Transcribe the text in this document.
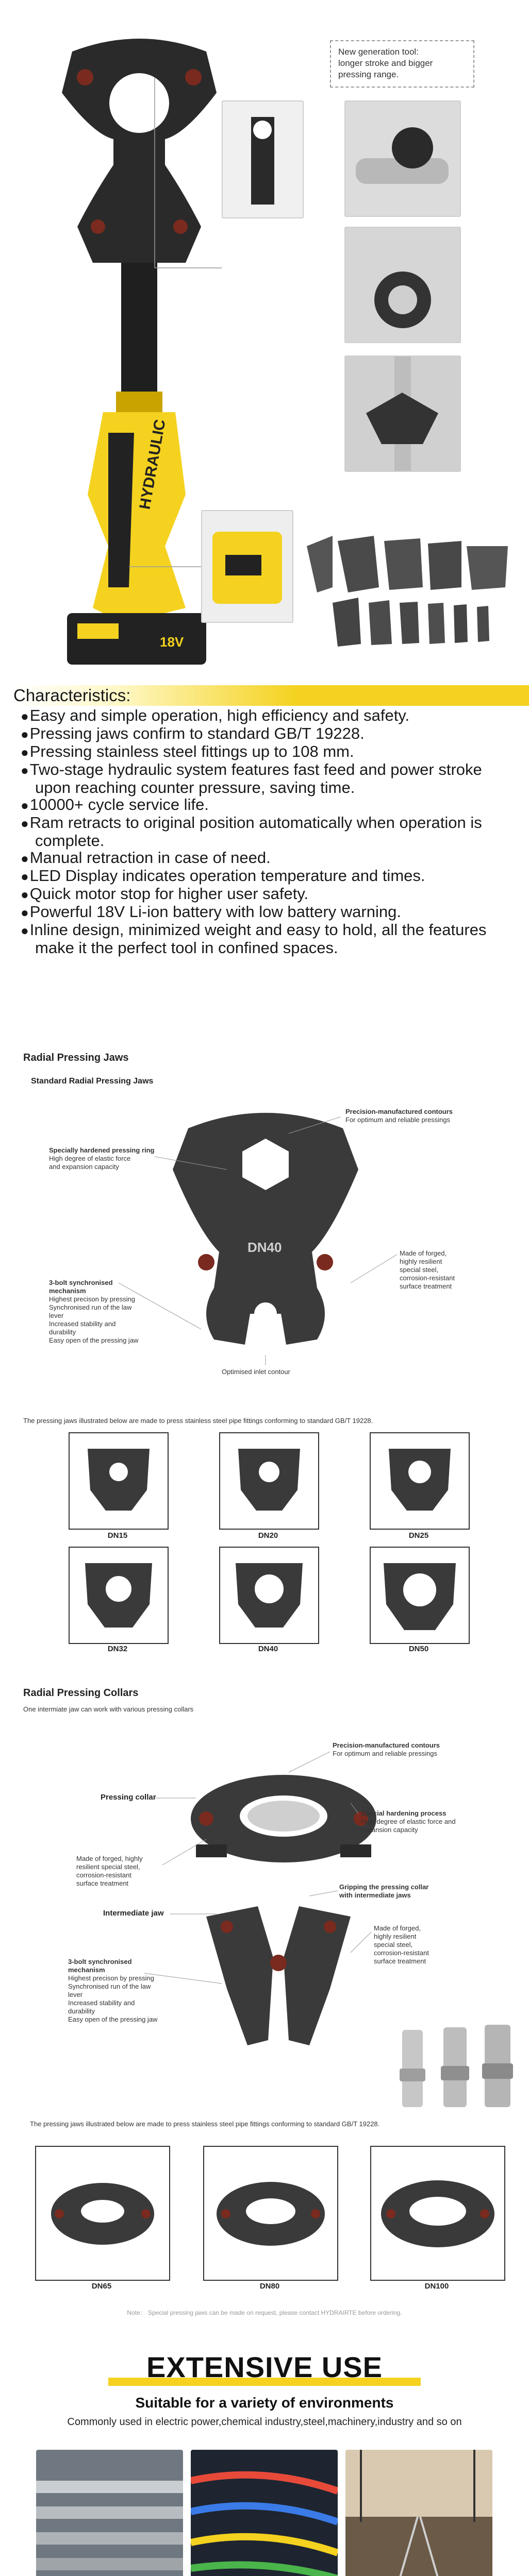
New generation tool:
longer stroke and bigger
pressing range.
HYDRAULIC
18V
Characteristics:
● Easy and simple operation, high efficiency and safety.
● Pressing jaws confirm to standard GB/T 19228.
● Pressing stainless steel fittings up to 108 mm.
● Two-stage hydraulic system features fast feed and power stroke upon reaching counter pressure, saving time.
● 10000+ cycle service life.
● Ram retracts to original position automatically when operation is complete.
● Manual retraction in case of need.
● LED Display indicates operation temperature and times.
● Quick motor stop for higher user safety.
● Powerful 18V Li-ion battery with low battery warning.
● Inline design, minimized weight and easy to hold, all the features make it the perfect tool in confined spaces.
Radial Pressing Jaws
Standard Radial Pressing Jaws
DN40
Precision-manufactured contours
For optimum and reliable pressings
Specially hardened pressing ring
High degree of elastic force
and expansion capacity
Made of forged,
highly resilient
special steel,
corrosion-resistant
surface treatment
3-bolt synchronised
mechanism
Highest precison by pressing
Synchronised run of the law
lever
Increased stability and
durability
Easy open of the pressing jaw
Optimised inlet contour
The pressing jaws illustrated below are made to press stainless steel pipe fittings conforming to standard GB/T 19228.
DN15	DN20	DN25
DN32	DN40	DN50
Radial Pressing Collars
One intermiate jaw can work with various pressing collars
Precision-manufactured contours
For optimum and reliable pressings
Pressing collar
Special hardening process
High degree of elastic force and
expansion capacity
Made of forged, highly
resilient special steel,
corrosion-resistant
surface treatment	Gripping the pressing collar
with intermediate jaws
Intermediate jaw
Made of forged,
highly resilient
special steel,
corrosion-resistant
surface treatment
3-bolt synchronised
mechanism
Highest precison by pressing
Synchronised run of the law
lever
Increased stability and
durability
Easy open of the pressing jaw
The pressing jaws illustrated below are made to press stainless steel pipe fittings conforming to standard GB/T 19228.
DN65	DN80	DN100
Note： Special pressing jaws can be made on request, please contact HYDRAIRTE before ordering.
EXTENSIVE USE
Suitable for a variety of environments
Commonly used in electric power,chemical industry,steel,machinery,industry and so on
